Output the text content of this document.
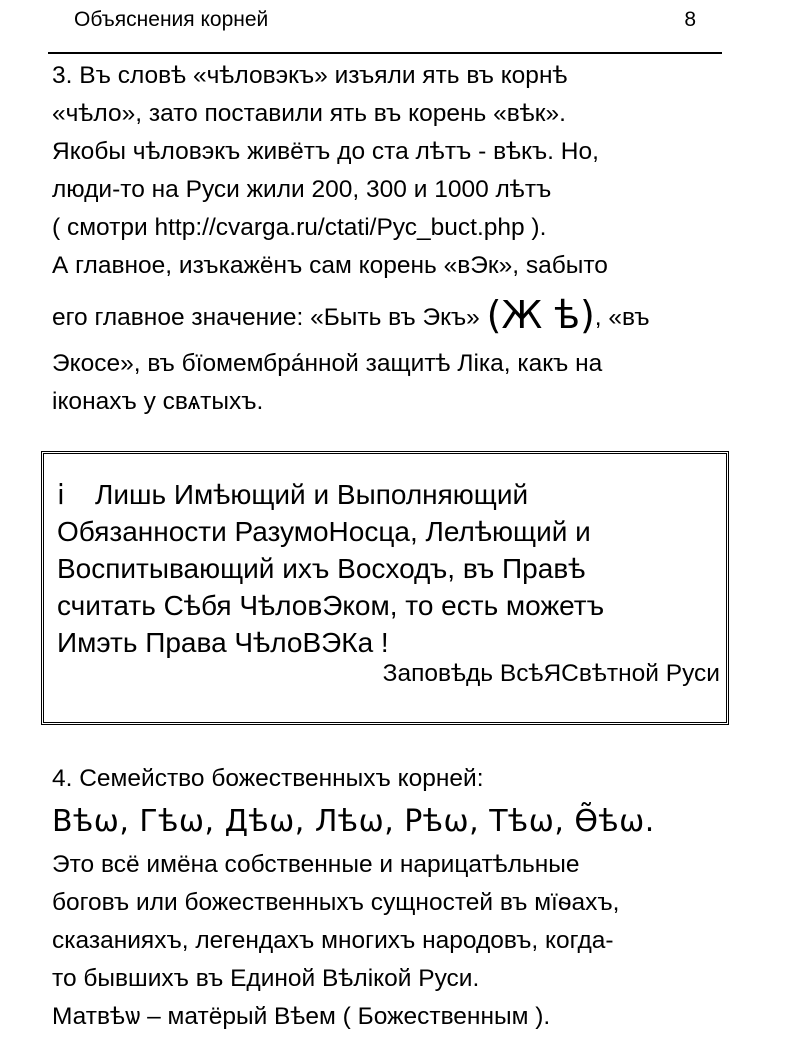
Объяснения корней	8
3. Въ словѣ «чѣловэкъ» изъяли ять въ корнѣ
«чѣло», зато поставили ять въ корень «вѣк».
Якобы чѣловэкъ живётъ до ста лѣтъ - вѣкъ. Но,
люди-то на Руси жили 200, 300 и 1000 лѣтъ
( смотри http://cvarga.ru/ctati/Рус_buct.php ).
А главное, изъкажёнъ сам корень «вЭк», sабыто
его главное значение: «Быть въ Экъ» (Ж ѣ), «въ
Экосе», въ бїомембра́нной защитѣ Ліка, какъ на
іконахъ у свѧтыхъ.
і Лишь Имѣющий и Выполняющий
Обязанности РазумоНосца, Лелѣющий и
Воспитывающий ихъ Восходъ, въ Правѣ
считать Сѣбя ЧѣловЭком, то есть можетъ
Имэть Права ЧѣлоВЭКа !
Заповѣдь ВсѣЯСвѣтной Руси
4. Семейство божественныхъ корней:
Вѣѡ, Гѣѡ, Дѣѡ, Лѣѡ, Рѣѡ, Тѣѡ, Ѳ̃ѣѡ.
Это всё имёна собственные и нарицатѣльные
боговъ или божественныхъ сущностей въ мїѳахъ,
сказанияхъ, легендахъ многихъ народовъ, когда-
то бывшихъ въ Единой Вѣлікой Руси.
Матвѣѡ – матёрый Вѣем ( Божественным ).
